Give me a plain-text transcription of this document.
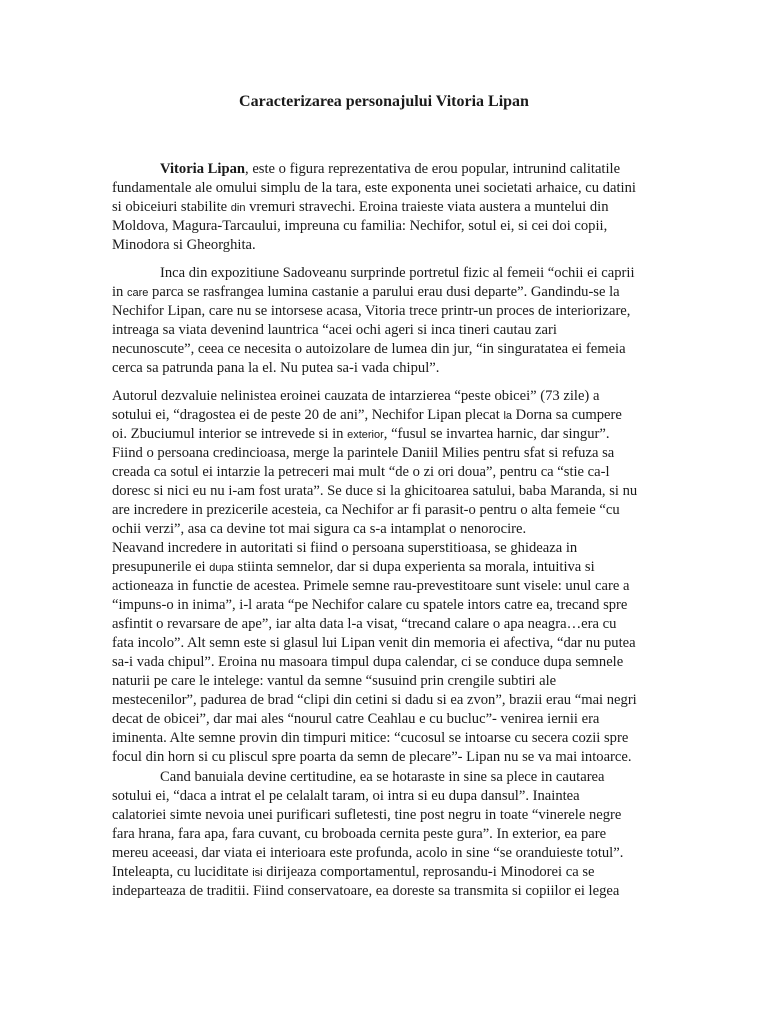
Caracterizarea personajului Vitoria Lipan
Vitoria Lipan, este o figura reprezentativa de erou popular, intrunind calitatile
fundamentale ale omului simplu de la tara, este exponenta unei societati arhaice, cu datini
si obiceiuri stabilite din vremuri stravechi. Eroina traieste viata austera a muntelui din
Moldova, Magura-Tarcaului, impreuna cu familia: Nechifor, sotul ei, si cei doi copii,
Minodora si Gheorghita.
Inca din expozitiune Sadoveanu surprinde portretul fizic al femeii “ochii ei caprii
in care parca se rasfrangea lumina castanie a parului erau dusi departe”. Gandindu-se la
Nechifor Lipan, care nu se intorsese acasa, Vitoria trece printr-un proces de interiorizare,
intreaga sa viata devenind launtrica “acei ochi ageri si inca tineri cautau zari
necunoscute”, ceea ce necesita o autoizolare de lumea din jur, “in singuratatea ei femeia
cerca sa patrunda pana la el. Nu putea sa-i vada chipul”.
Autorul dezvaluie nelinistea eroinei cauzata de intarzierea “peste obicei” (73 zile) a
sotului ei, “dragostea ei de peste 20 de ani”, Nechifor Lipan plecat la Dorna sa cumpere
oi. Zbuciumul interior se intrevede si in exterior, “fusul se invartea harnic, dar singur”.
Fiind o persoana credincioasa, merge la parintele Daniil Milies pentru sfat si refuza sa
creada ca sotul ei intarzie la petreceri mai mult “de o zi ori doua”, pentru ca “stie ca-l
doresc si nici eu nu i-am fost urata”. Se duce si la ghicitoarea satului, baba Maranda, si nu
are incredere in prezicerile acesteia, ca Nechifor ar fi parasit-o pentru o alta femeie “cu
ochii verzi”, asa ca devine tot mai sigura ca s-a intamplat o nenorocire.
Neavand incredere in autoritati si fiind o persoana superstitioasa, se ghideaza in
presupunerile ei dupa stiinta semnelor, dar si dupa experienta sa morala, intuitiva si
actioneaza in functie de acestea. Primele semne rau-prevestitoare sunt visele: unul care a
“impuns-o in inima”, i-l arata “pe Nechifor calare cu spatele intors catre ea, trecand spre
asfintit o revarsare de ape”, iar alta data l-a visat, “trecand calare o apa neagra…era cu
fata incolo”. Alt semn este si glasul lui Lipan venit din memoria ei afectiva, “dar nu putea
sa-i vada chipul”. Eroina nu masoara timpul dupa calendar, ci se conduce dupa semnele
naturii pe care le intelege: vantul da semne “susuind prin crengile subtiri ale
mestecenilor”, padurea de brad “clipi din cetini si dadu si ea zvon”, brazii erau “mai negri
decat de obicei”, dar mai ales “nourul catre Ceahlau e cu bucluc”- venirea iernii era
iminenta. Alte semne provin din timpuri mitice: “cucosul se intoarse cu secera cozii spre
focul din horn si cu pliscul spre poarta da semn de plecare”- Lipan nu se va mai intoarce.
Cand banuiala devine certitudine, ea se hotaraste in sine sa plece in cautarea
sotului ei, “daca a intrat el pe celalalt taram, oi intra si eu dupa dansul”. Inaintea
calatoriei simte nevoia unei purificari sufletesti, tine post negru in toate “vinerele negre
fara hrana, fara apa, fara cuvant, cu broboada cernita peste gura”. In exterior, ea pare
mereu aceeasi, dar viata ei interioara este profunda, acolo in sine “se oranduieste totul”.
Inteleapta, cu luciditate isi dirijeaza comportamentul, reprosandu-i Minodorei ca se
indeparteaza de traditii. Fiind conservatoare, ea doreste sa transmita si copiilor ei legea
